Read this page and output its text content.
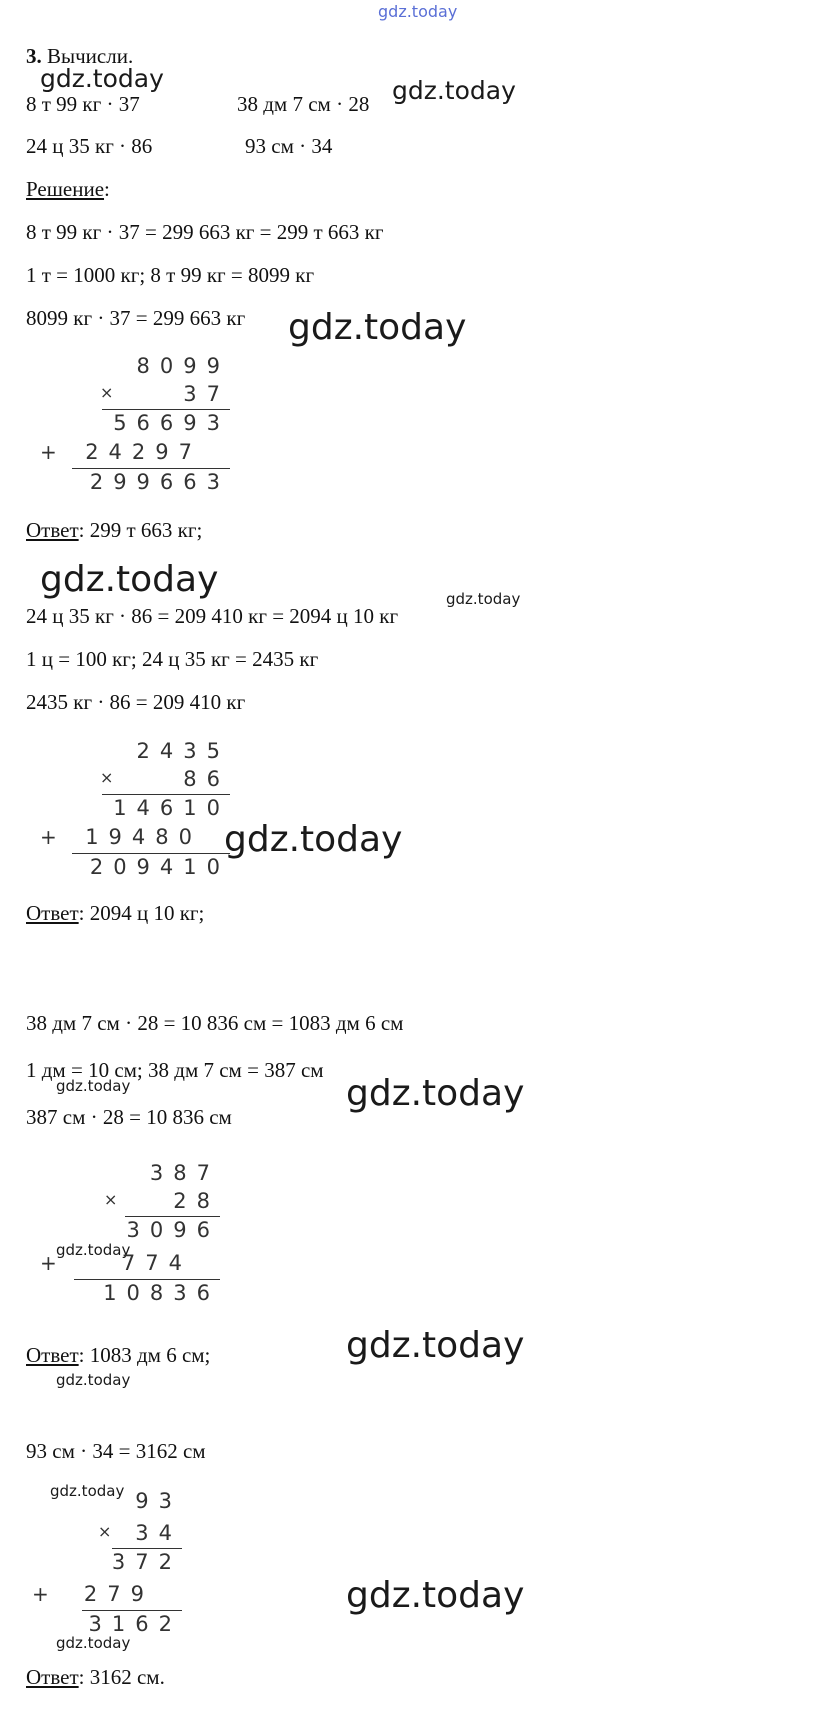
gdz.today
3. Вычисли.
gdz.today
8 т 99 кг · 37	38 дм 7 см · 28 gdz.today
24 ц 35 кг · 86	93 см · 34
Решение:
8 т 99 кг · 37 = 299 663 кг = 299 т 663 кг
1 т = 1000 кг; 8 т 99 кг = 8099 кг
8099 кг · 37 = 299 663 кг gdz.today
8099
×	37
56693
+ 24297
299663
Ответ: 299 т 663 кг;
gdz.today	gdz.today
24 ц 35 кг · 86 = 209 410 кг = 2094 ц 10 кг
1 ц = 100 кг; 24 ц 35 кг = 2435 кг
2435 кг · 86 = 209 410 кг
2435
×	86
14610
+ 19480
209410
gdz.today
Ответ: 2094 ц 10 кг;
38 дм 7 см · 28 = 10 836 см = 1083 дм 6 см
1 дм = 10 см; 38 дм 7 см = 387 см
gdz.today	gdz.today
387 см · 28 = 10 836 см
387
×	28
3096
+
gdz.today
774
10836
Ответ: 1083 дм 6 см;	gdz.today
gdz.today
93 см · 34 = 3162 см
gdz.today 93
× 34
372
+ 279
3162
gdz.today
gdz.today
Ответ: 3162 см.
